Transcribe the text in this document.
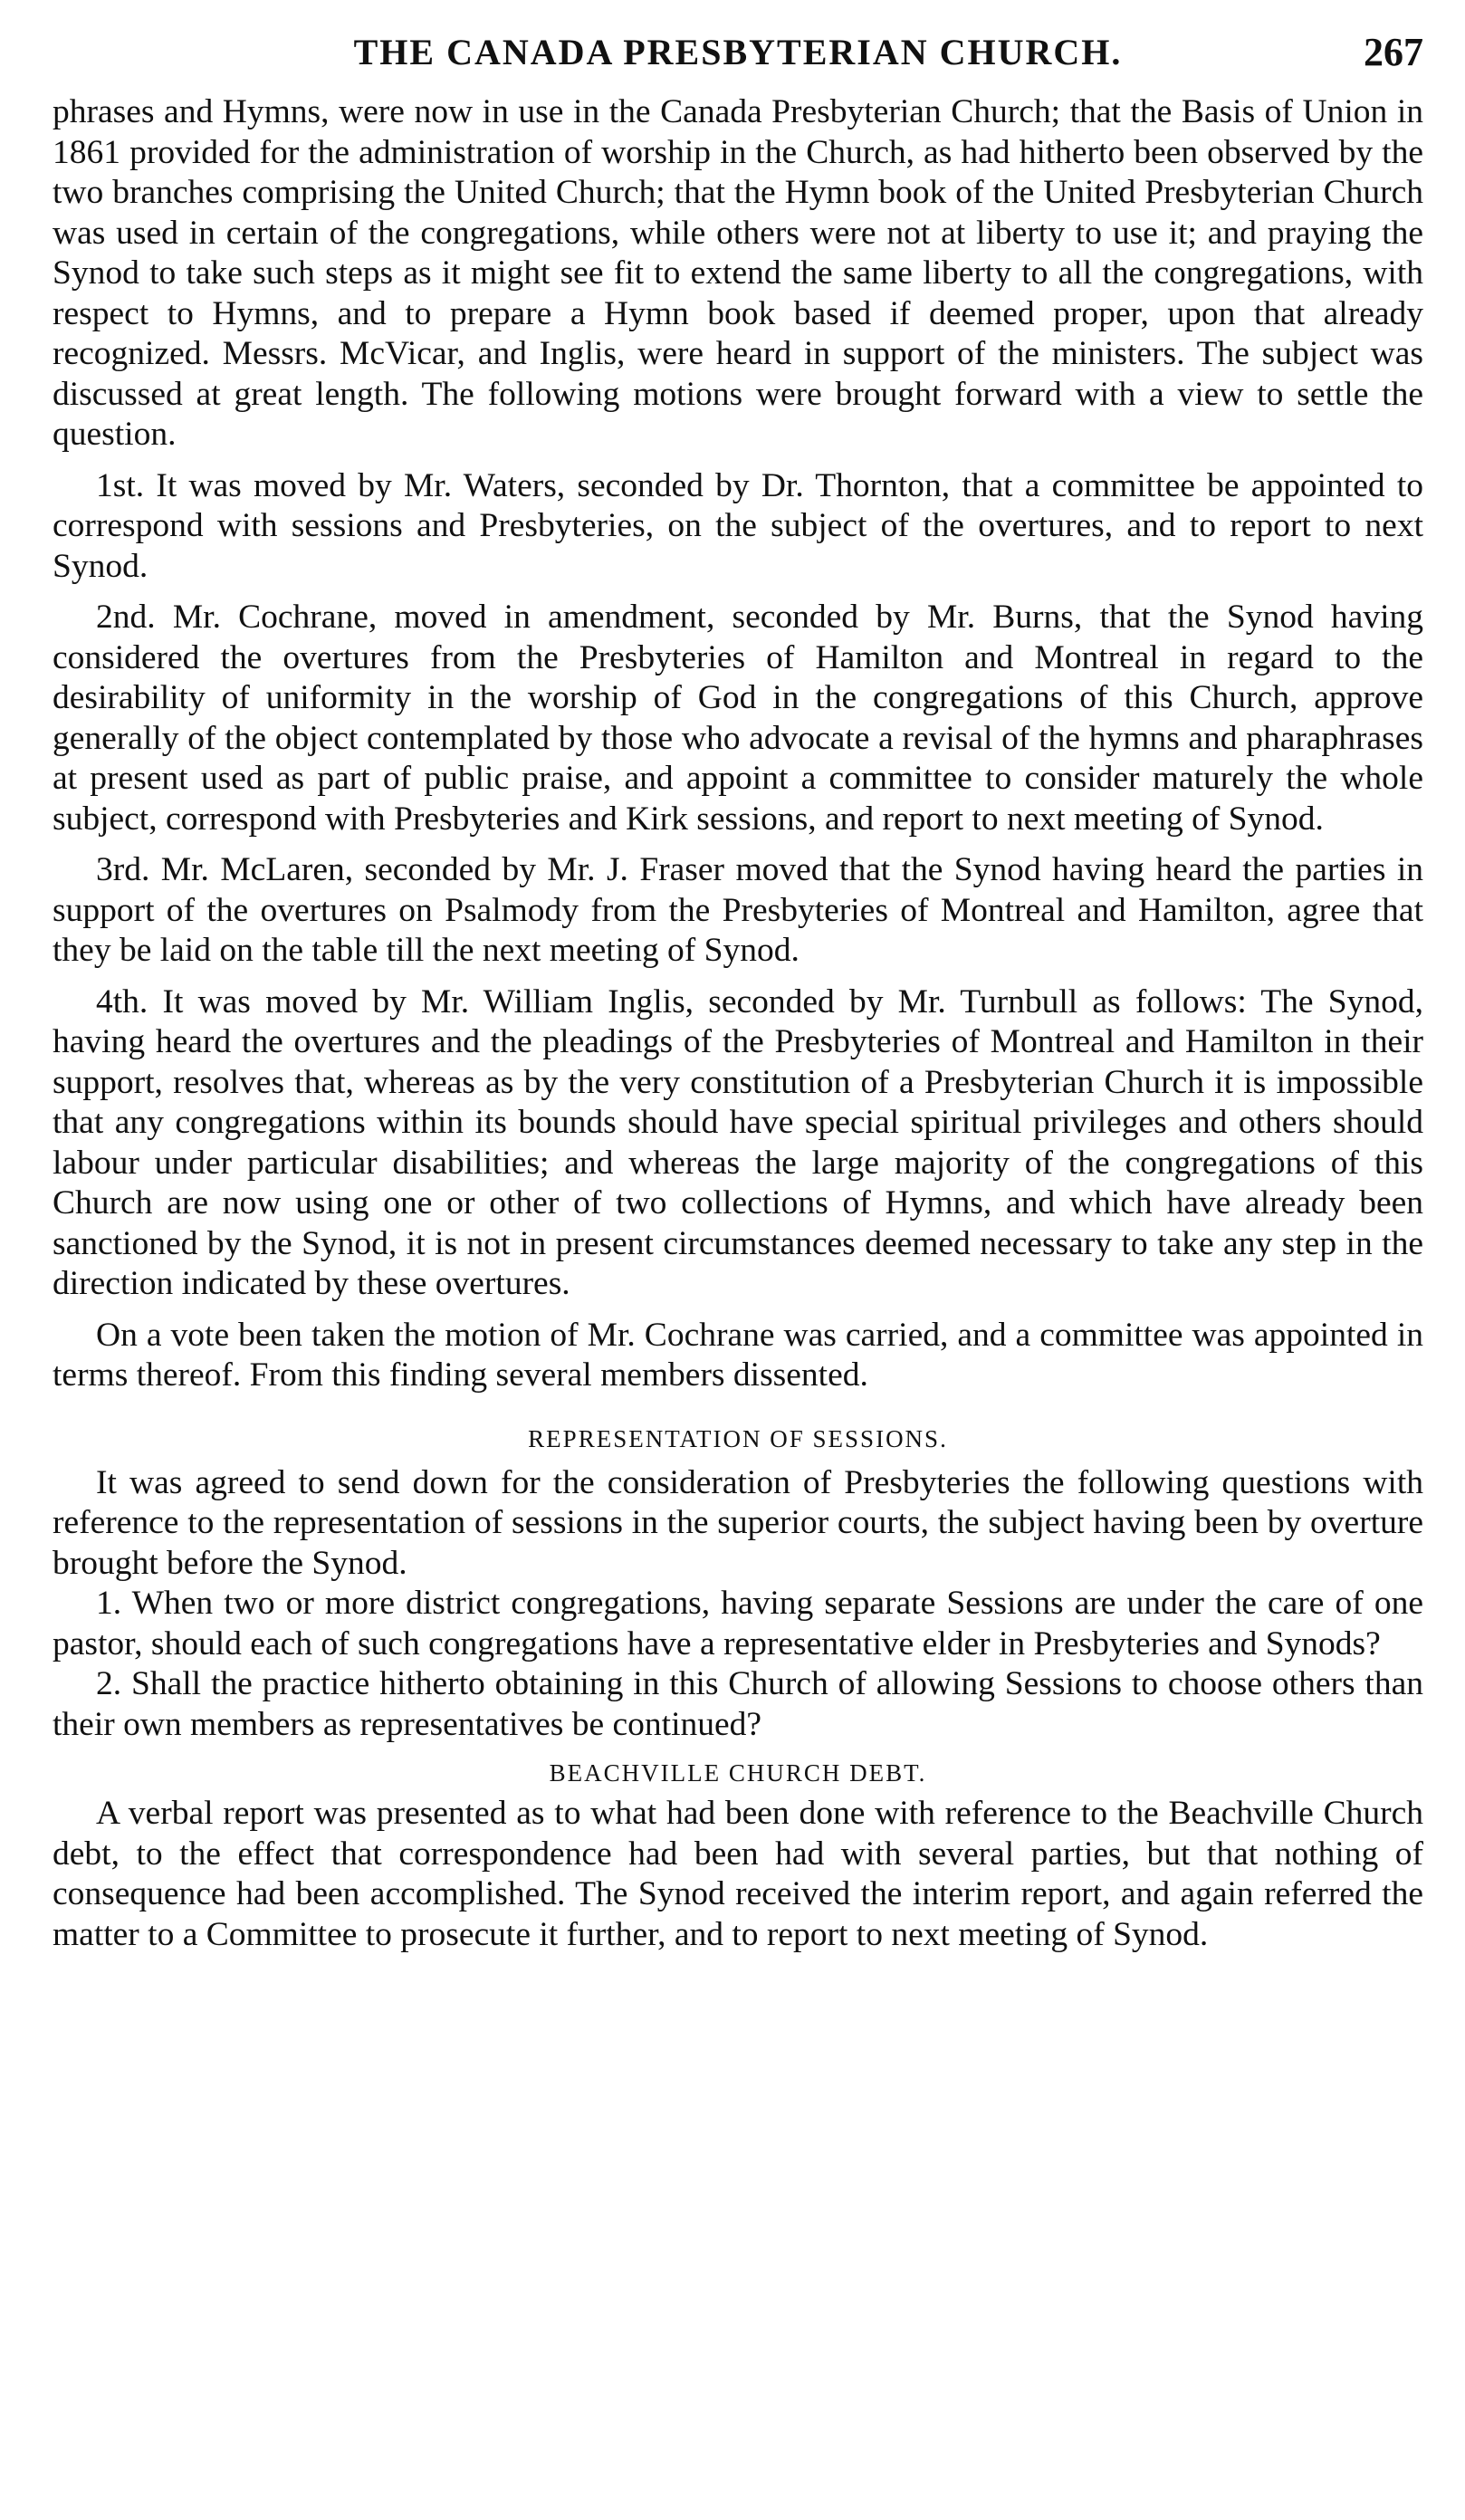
THE CANADA PRESBYTERIAN CHURCH.	267

phrases and Hymns, were now in use in the Canada Presbyterian Church; that the Basis of Union in 1861 provided for the administration of worship in the Church, as had hitherto been observed by the two branches comprising the United Church; that the Hymn book of the United Presbyterian Church was used in certain of the congregations, while others were not at liberty to use it; and praying the Synod to take such steps as it might see fit to extend the same liberty to all the congregations, with respect to Hymns, and to prepare a Hymn book based if deemed proper, upon that already recognized. Messrs. McVicar, and Inglis, were heard in support of the ministers. The subject was discussed at great length. The following motions were brought forward with a view to settle the question.

1st. It was moved by Mr. Waters, seconded by Dr. Thornton, that a committee be appointed to correspond with sessions and Presbyteries, on the subject of the overtures, and to report to next Synod.

2nd. Mr. Cochrane, moved in amendment, seconded by Mr. Burns, that the Synod having considered the overtures from the Presbyteries of Hamilton and Montreal in regard to the desirability of uniformity in the worship of God in the congregations of this Church, approve generally of the object contemplated by those who advocate a revisal of the hymns and pharaphrases at present used as part of public praise, and appoint a committee to consider maturely the whole subject, correspond with Presbyteries and Kirk sessions, and report to next meeting of Synod.

3rd. Mr. McLaren, seconded by Mr. J. Fraser moved that the Synod having heard the parties in support of the overtures on Psalmody from the Presbyteries of Montreal and Hamilton, agree that they be laid on the table till the next meeting of Synod.

4th. It was moved by Mr. William Inglis, seconded by Mr. Turnbull as follows: The Synod, having heard the overtures and the pleadings of the Presbyteries of Montreal and Hamilton in their support, resolves that, whereas as by the very constitution of a Presbyterian Church it is impossible that any congregations within its bounds should have special spiritual privileges and others should labour under particular disabilities; and whereas the large majority of the congregations of this Church are now using one or other of two collections of Hymns, and which have already been sanctioned by the Synod, it is not in present circumstances deemed necessary to take any step in the direction indicated by these overtures.

On a vote been taken the motion of Mr. Cochrane was carried, and a committee was appointed in terms thereof. From this finding several members dissented.

REPRESENTATION OF SESSIONS.

It was agreed to send down for the consideration of Presbyteries the following questions with reference to the representation of sessions in the superior courts, the subject having been by overture brought before the Synod.

1. When two or more district congregations, having separate Sessions are under the care of one pastor, should each of such congregations have a representative elder in Presbyteries and Synods?

2. Shall the practice hitherto obtaining in this Church of allowing Sessions to choose others than their own members as representatives be continued?

BEACHVILLE CHURCH DEBT.

A verbal report was presented as to what had been done with reference to the Beachville Church debt, to the effect that correspondence had been had with several parties, but that nothing of consequence had been accomplished. The Synod received the interim report, and again referred the matter to a Committee to prosecute it further, and to report to next meeting of Synod.
